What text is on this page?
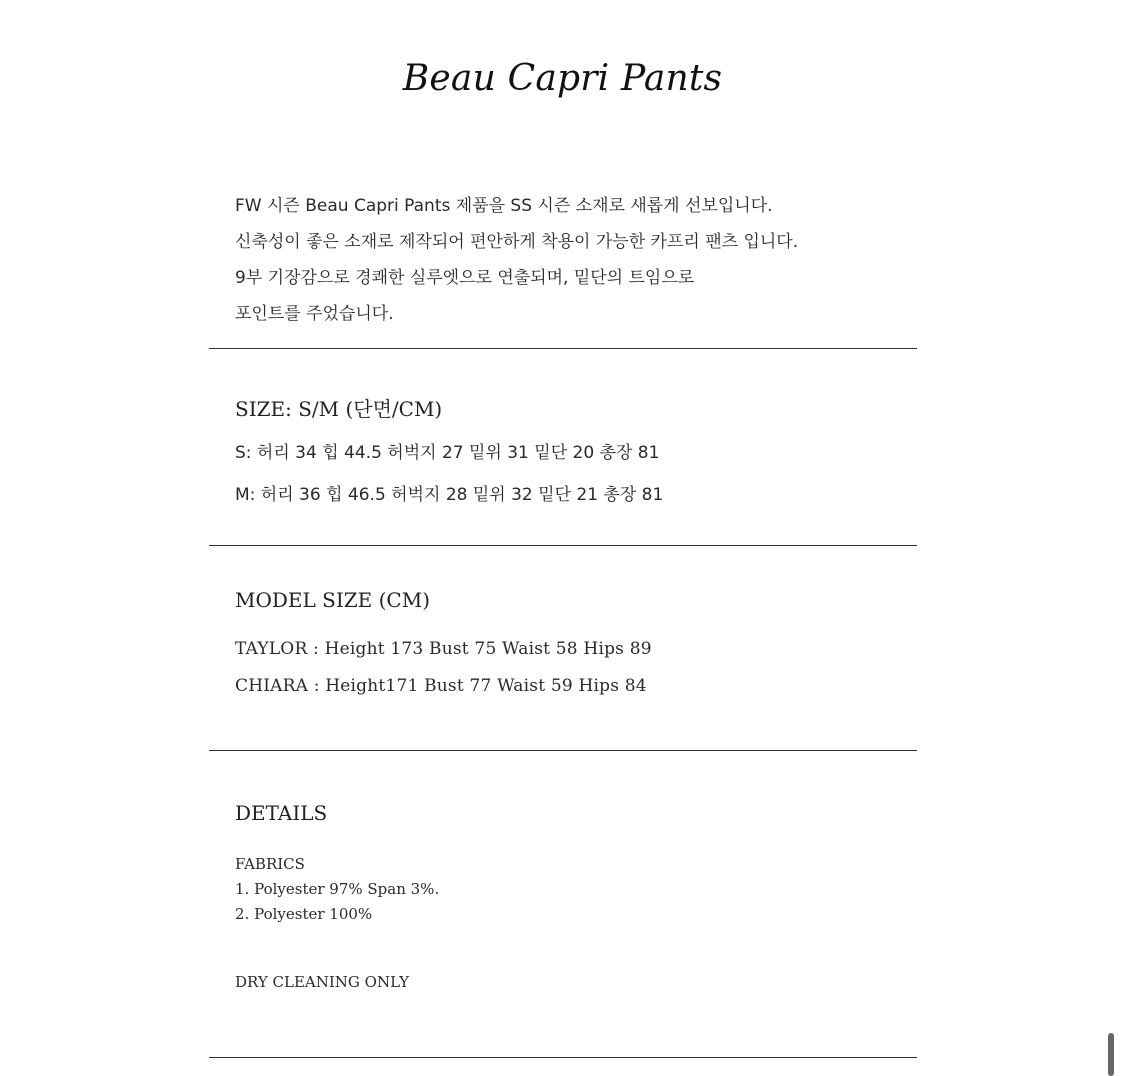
Beau Capri Pants
FW 시즌 Beau Capri Pants 제품을 SS 시즌 소재로 새롭게 선보입니다.
신축성이 좋은 소재로 제작되어 편안하게 착용이 가능한 카프리 팬츠 입니다.
9부 기장감으로 경쾌한 실루엣으로 연출되며, 밑단의 트임으로
포인트를 주었습니다.
SIZE: S/M (단면/CM)
S: 허리 34 힙 44.5 허벅지 27 밑위 31 밑단 20 총장 81
M: 허리 36 힙 46.5 허벅지 28 밑위 32 밑단 21 총장 81
MODEL SIZE (CM)
TAYLOR : Height 173 Bust 75 Waist 58 Hips 89
CHIARA : Height171 Bust 77 Waist 59 Hips 84
DETAILS
FABRICS
1. Polyester 97% Span 3%.
2. Polyester 100%
DRY CLEANING ONLY
